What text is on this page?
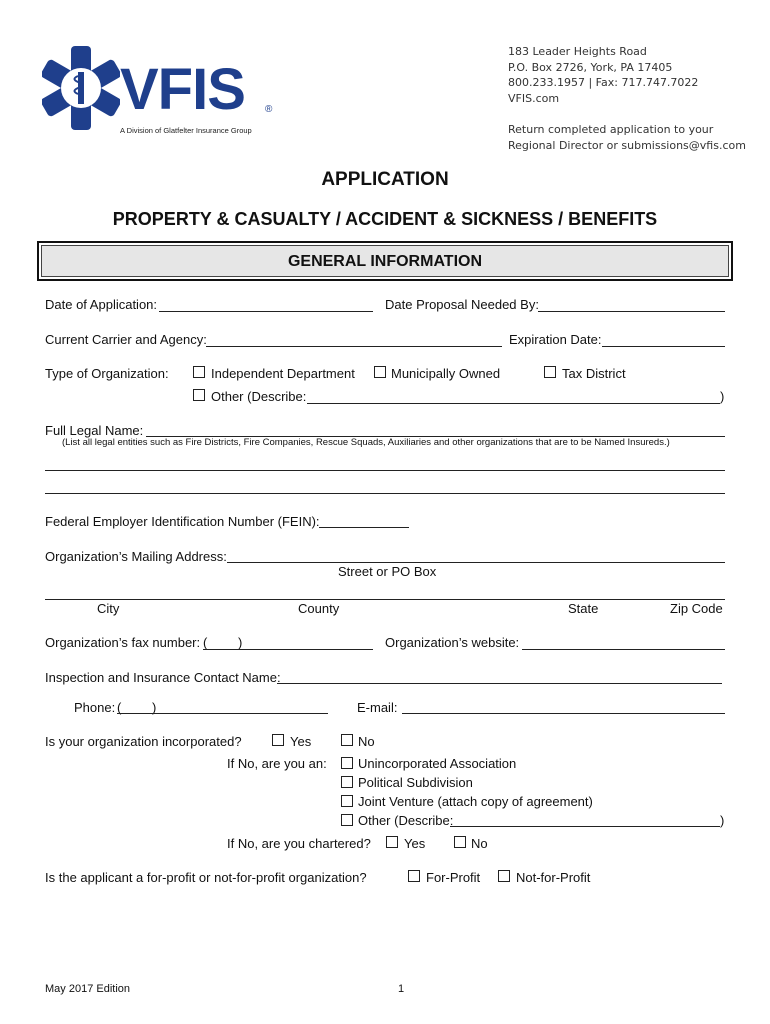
VFIS ®
A Division of Glatfelter Insurance Group
183 Leader Heights Road
P.O. Box 2726, York, PA 17405
800.233.1957 | Fax: 717.747.7022
VFIS.com
Return completed application to your
Regional Director or submissions@vfis.com
APPLICATION
PROPERTY & CASUALTY / ACCIDENT & SICKNESS / BENEFITS
GENERAL INFORMATION
Date of Application:	Date Proposal Needed By:
Current Carrier and Agency:	Expiration Date:
Type of Organization:	Independent Department	Municipally Owned	Tax District
Other (Describe:	)
Full Legal Name:
(List all legal entities such as Fire Districts, Fire Companies, Rescue Squads, Auxiliaries and other organizations that are to be Named Insureds.)
Federal Employer Identification Number (FEIN):
Organization’s Mailing Address:
Street or PO Box
City	County	State	Zip Code
Organization’s fax number: ( )	Organization’s website:
Inspection and Insurance Contact Name:
Phone: ( )	E-mail:
Is your organization incorporated?	Yes	No
If No, are you an: Unincorporated Association
Political Subdivision
Joint Venture (attach copy of agreement)
Other (Describe:	)
If No, are you chartered?	Yes	No
Is the applicant a for-profit or not-for-profit organization?	For-Profit	Not-for-Profit
May 2017 Edition	1
